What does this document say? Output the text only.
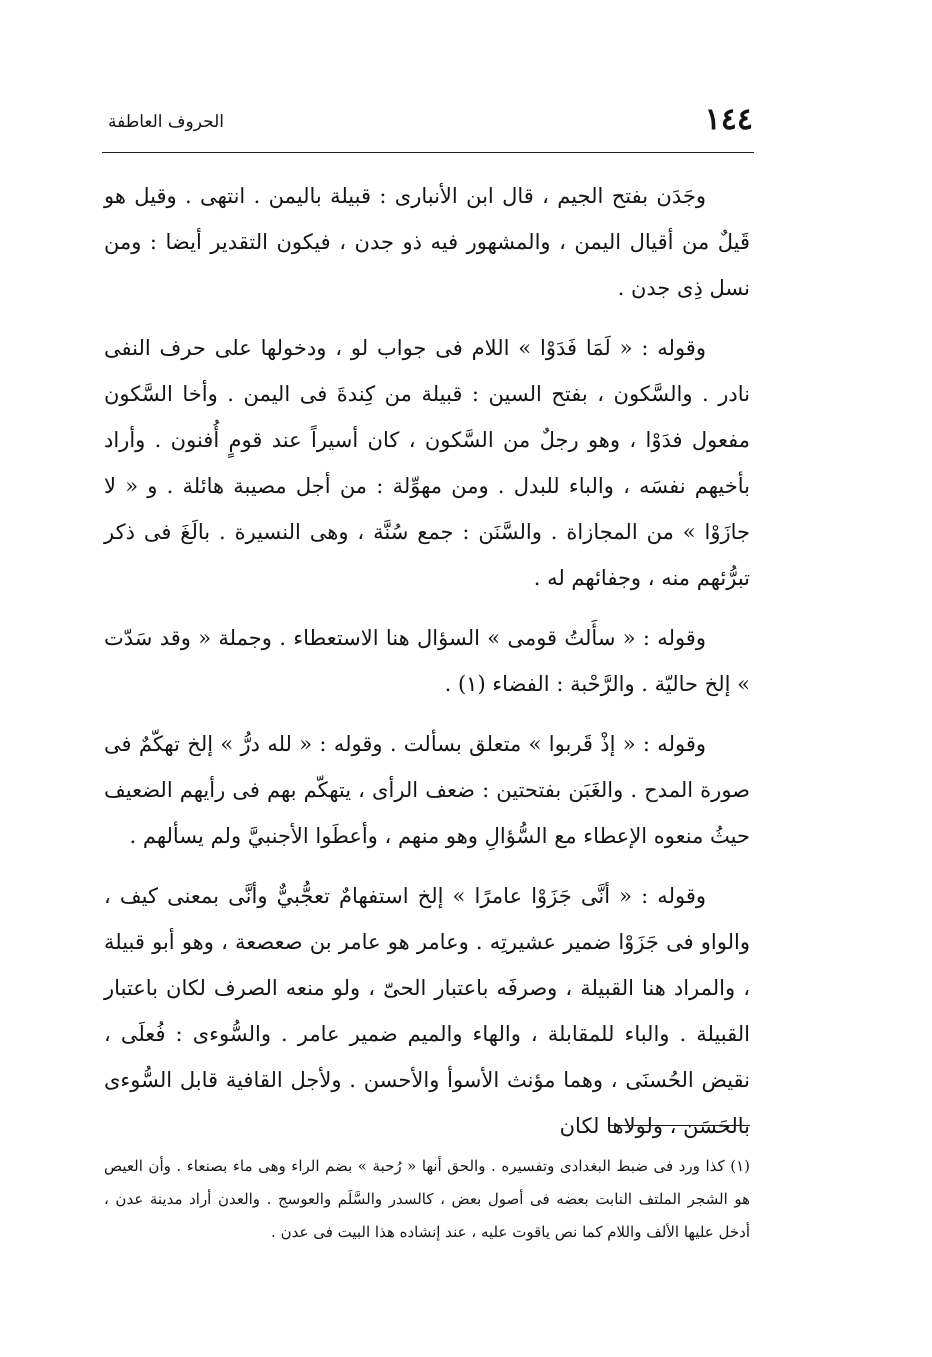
١٤٤
الحروف العاطفة

وجَدَن بفتح الجيم ، قال ابن الأنبارى : قبيلة باليمن . انتهى . وقيل هو قَيلٌ من أقيال اليمن ، والمشهور فيه ذو جدن ، فيكون التقدير أيضا : ومن نسل ذِى جدن .

وقوله : « لَمَا فَدَوْا » اللام فى جواب لو ، ودخولها على حرف النفى نادر . والسَّكون ، بفتح السين : قبيلة من كِندةَ فى اليمن . وأخا السَّكون مفعول فدَوْا ، وهو رجلٌ من السَّكون ، كان أسيراً عند قومٍ أُفنون . وأراد بأخيهم نفسَه ، والباء للبدل . ومن مهوِّلة : من أجل مصيبة هائلة . و « لا جازَوْا » من المجازاة . والسَّنَن : جمع سُنَّة ، وهى النسيرة . بالَغَ فى ذكر تبرُّئهم منه ، وجفائهم له .

وقوله : « سأَلتُ قومى » السؤال هنا الاستعطاء . وجملة « وقد سَدّت » إلخ حاليّة . والرَّحْبة : الفضاء (١) .

وقوله : « إذْ قَربوا » متعلق بسألت . وقوله : « لله درُّ » إلخ تهكّمٌ فى صورة المدح . والغَبَن بفتحتين : ضعف الرأى ، يتهكّم بهم فى رأيهم الضعيف حيثُ منعوه الإعطاء مع السُّؤالِ وهو منهم ، وأعطَوا الأجنبيَّ ولم يسألهم .

وقوله : « أنَّى جَزَوْا عامرًا » إلخ استفهامٌ تعجُّبيٌّ وأنَّى بمعنى كيف ، والواو فى جَزَوْا ضمير عشيرتِه . وعامر هو عامر بن صعصعة ، وهو أبو قبيلة ، والمراد هنا القبيلة ، وصرفَه باعتبار الحىّ ، ولو منعه الصرف لكان باعتبار القبيلة . والباء للمقابلة ، والهاء والميم ضمير عامر . والسُّوءى : فُعلَى ، نقيض الحُسنَى ، وهما مؤنث الأسوأ والأحسن . ولأجل القافية قابل السُّوءى بالحَسَن ، ولولاها لكان

(١) كذا ورد فى ضبط البغدادى وتفسيره . والحق أنها « رُحبة » بضم الراء وهى ماء بصنعاء . وأن العيص هو الشجر الملتف النابت بعضه فى أصول بعض ، كالسدر والسَّلَم والعوسج . والعدن أراد مدينة عدن ، أدخل عليها الألف واللام كما نص ياقوت عليه ، عند إنشاده هذا البيت فى عدن .
